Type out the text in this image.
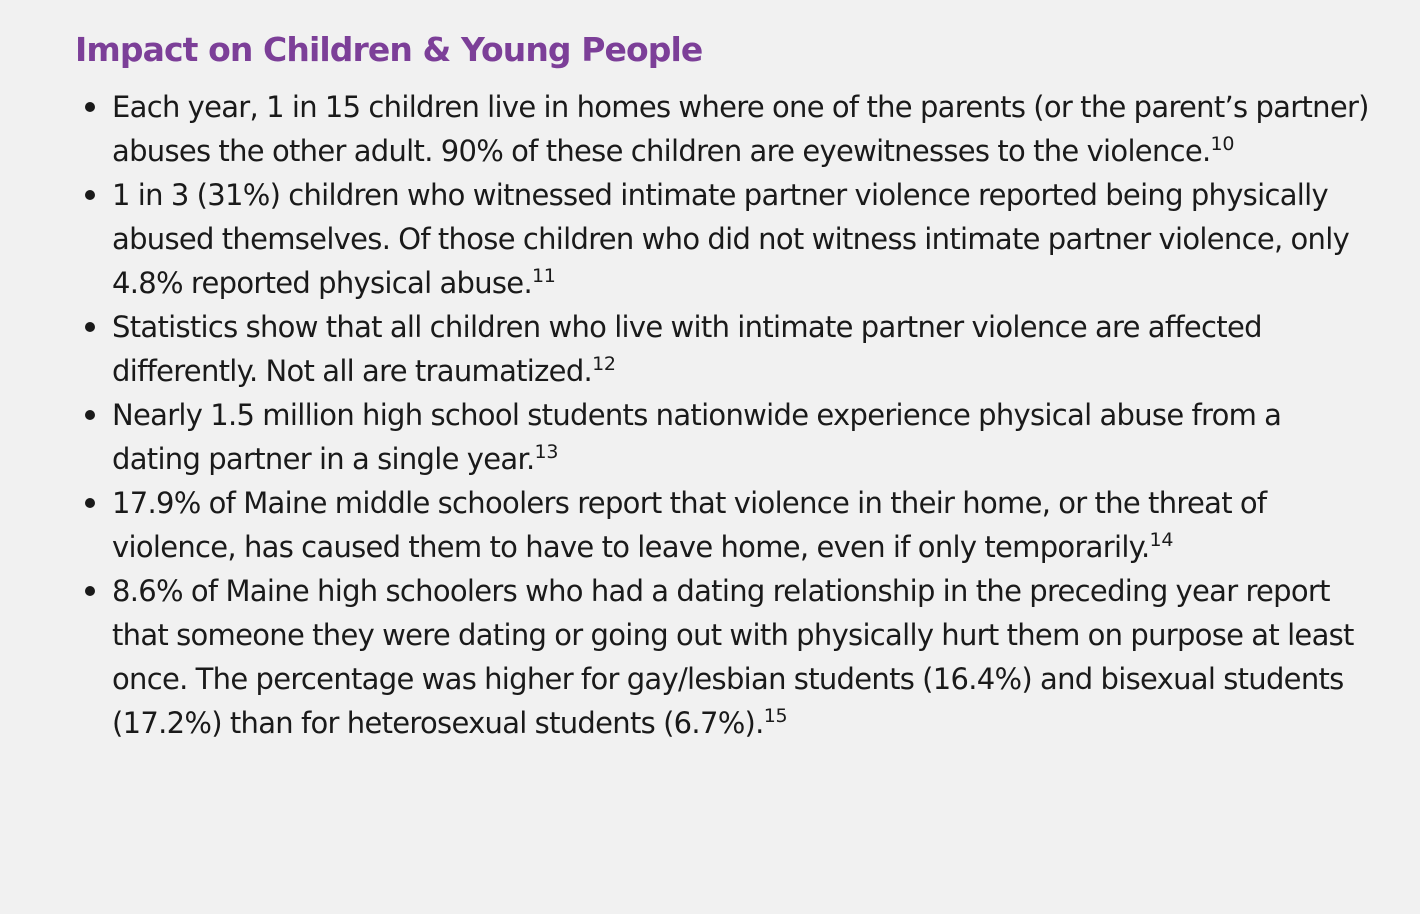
Impact on Children & Young People
Each year, 1 in 15 children live in homes where one of the parents (or the parent’s partner) abuses the other adult. 90% of these children are eyewitnesses to the violence.$^{10}$
1 in 3 (31%) children who witnessed intimate partner violence reported being physically abused themselves. Of those children who did not witness intimate partner violence, only 4.8% reported physical abuse.$^{11}$
Statistics show that all children who live with intimate partner violence are affected differently. Not all are traumatized.$^{12}$
Nearly 1.5 million high school students nationwide experience physical abuse from a dating partner in a single year.$^{13}$
17.9% of Maine middle schoolers report that violence in their home, or the threat of violence, has caused them to have to leave home, even if only temporarily.$^{14}$
8.6% of Maine high schoolers who had a dating relationship in the preceding year report that someone they were dating or going out with physically hurt them on purpose at least once. The percentage was higher for gay/lesbian students (16.4%) and bisexual students (17.2%) than for heterosexual students (6.7%).$^{15}$
